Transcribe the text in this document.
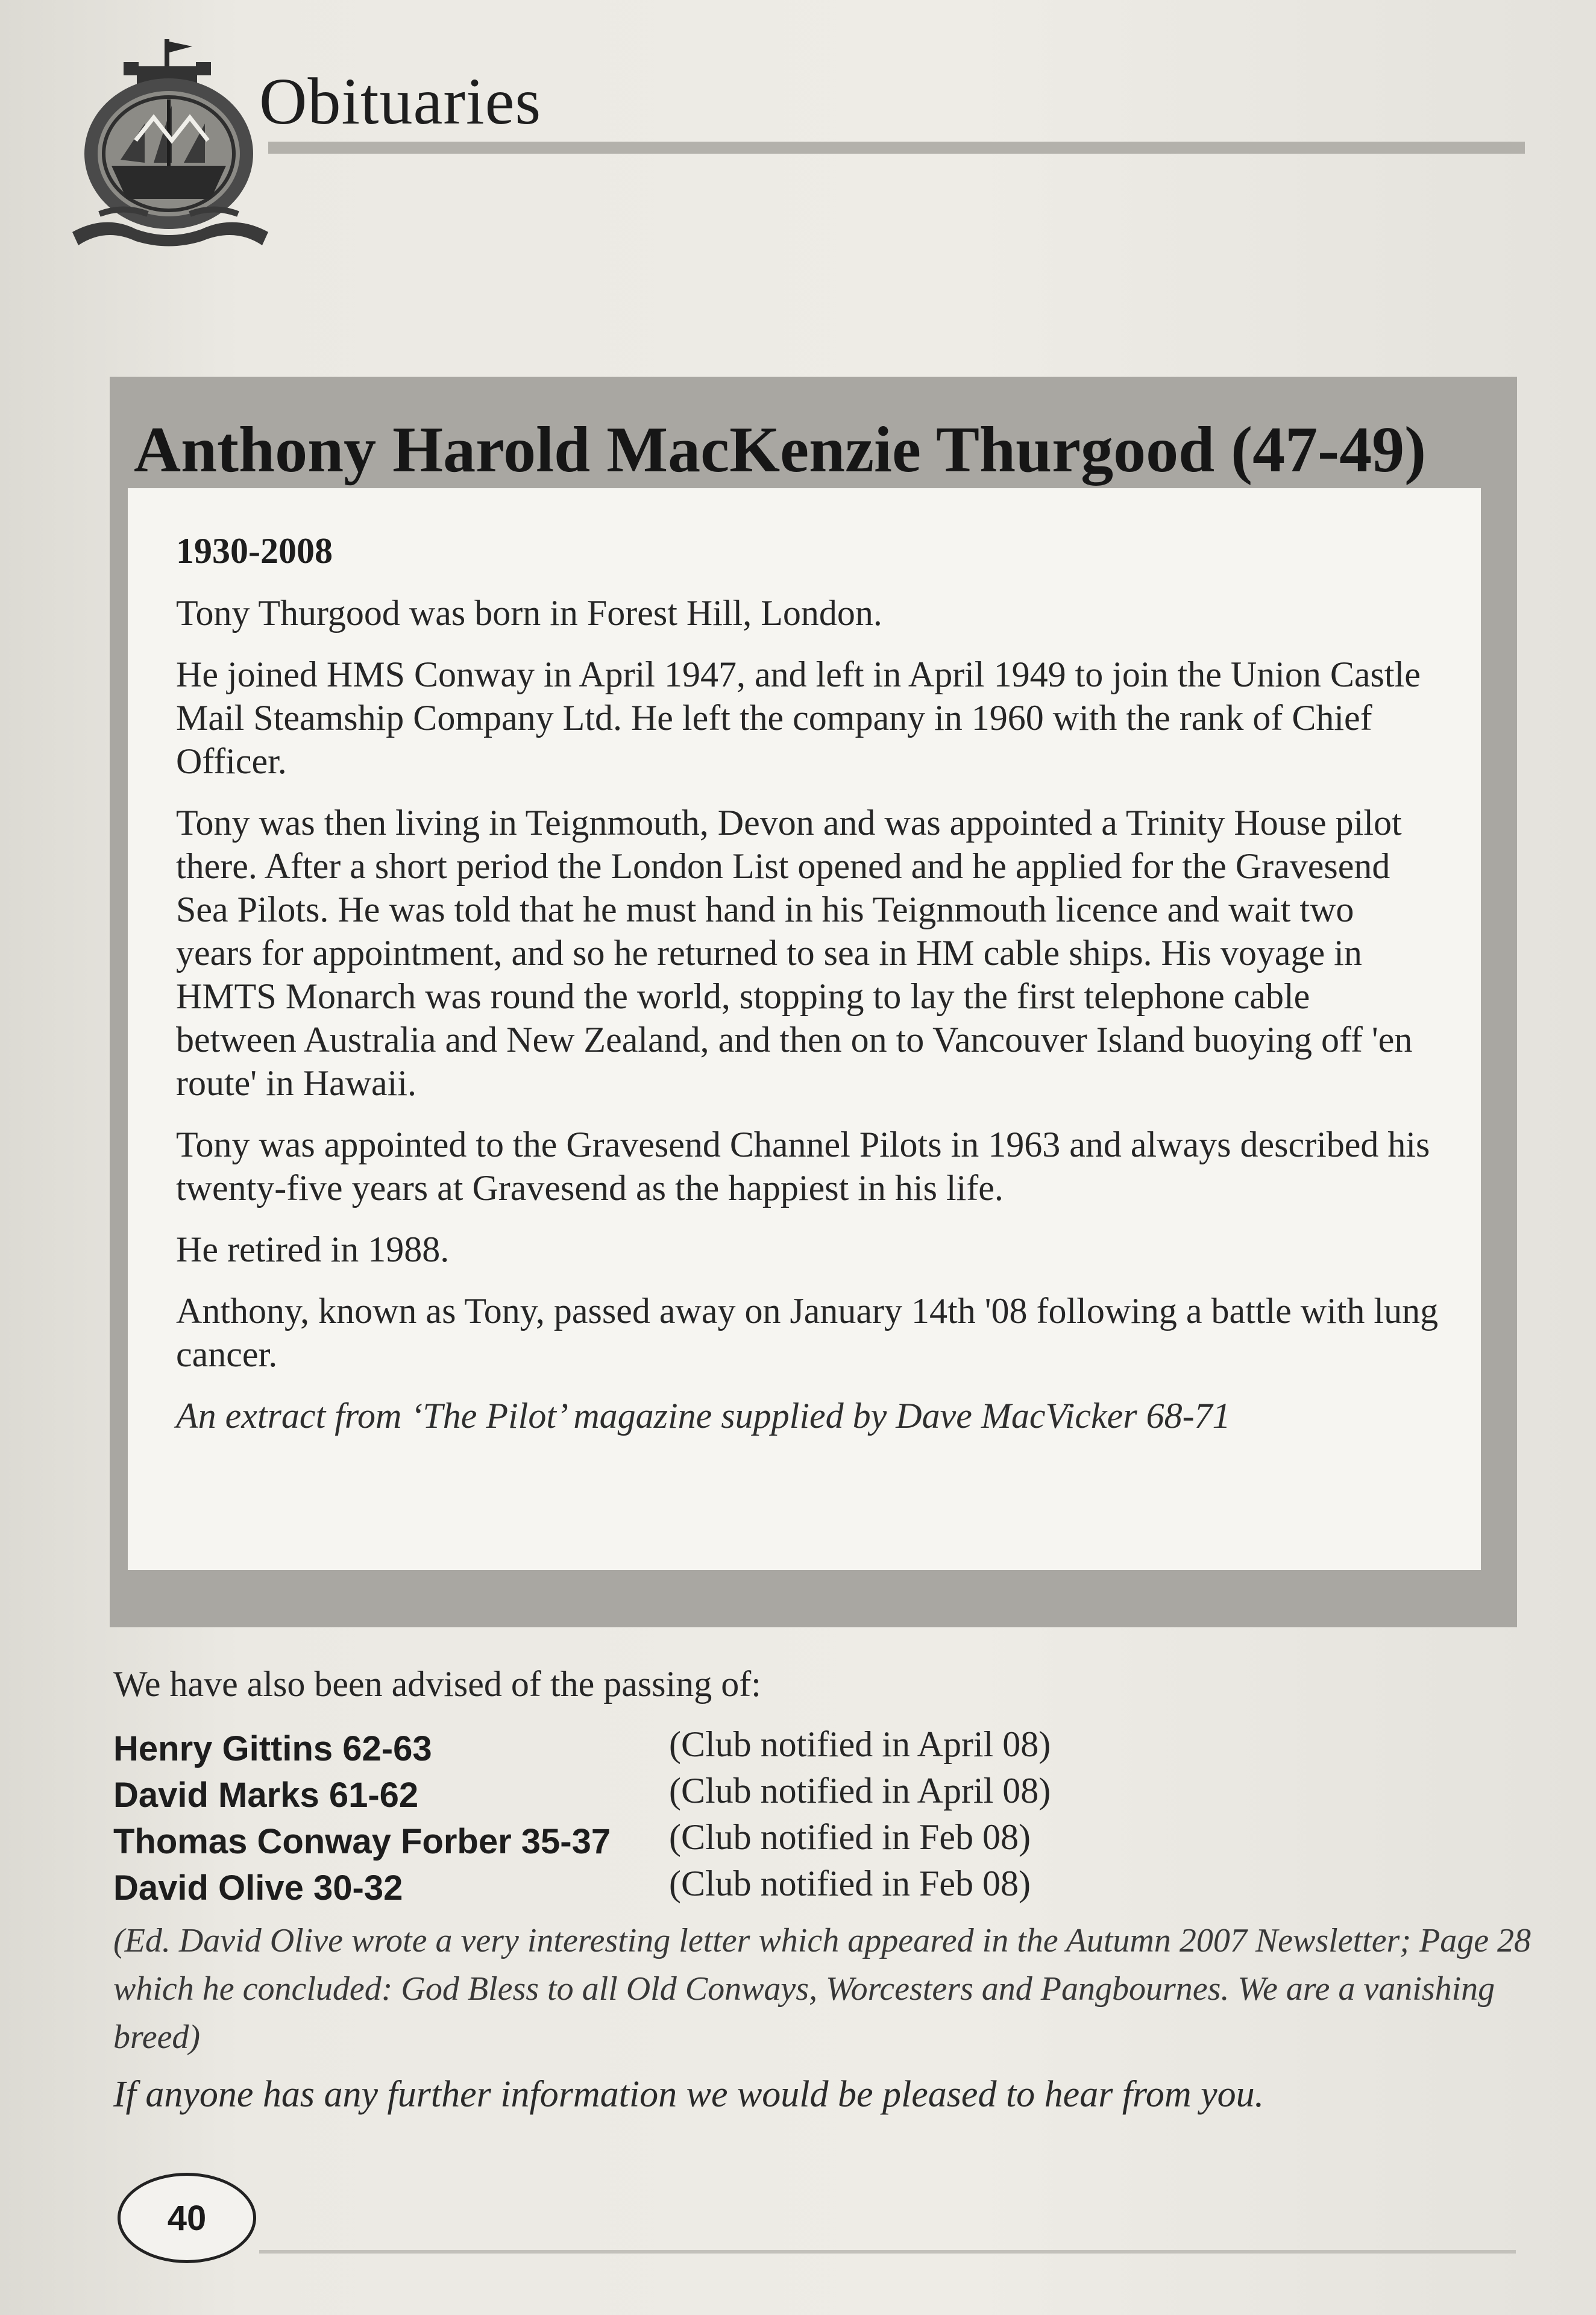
Obituaries
Anthony Harold MacKenzie Thurgood (47-49)
1930-2008

Tony Thurgood was born in Forest Hill, London.

He joined HMS Conway in April 1947, and left in April 1949 to join the Union Castle Mail Steamship Company Ltd. He left the company in 1960 with the rank of Chief Officer.

Tony was then living in Teignmouth, Devon and was appointed a Trinity House pilot there. After a short period the London List opened and he applied for the Gravesend Sea Pilots. He was told that he must hand in his Teignmouth licence and wait two years for appointment, and so he returned to sea in HM cable ships. His voyage in HMTS Monarch was round the world, stopping to lay the first telephone cable between Australia and New Zealand, and then on to Vancouver Island buoying off 'en route' in Hawaii.

Tony was appointed to the Gravesend Channel Pilots in 1963 and always described his twenty-five years at Gravesend as the happiest in his life.

He retired in 1988.

Anthony, known as Tony, passed away on January 14th '08 following a battle with lung cancer.

An extract from ‘The Pilot’ magazine supplied by Dave MacVicker 68-71

We have also been advised of the passing of:
Henry Gittins 62-63	(Club notified in April 08)
David Marks 61-62	(Club notified in April 08)
Thomas Conway Forber 35-37 (Club notified in Feb 08)
David Olive 30-32	(Club notified in Feb 08)
(Ed. David Olive wrote a very interesting letter which appeared in the Autumn 2007 Newsletter; Page 28 which he concluded: God Bless to all Old Conways, Worcesters and Pangbournes. We are a vanishing breed)
If anyone has any further information we would be pleased to hear from you.
40
